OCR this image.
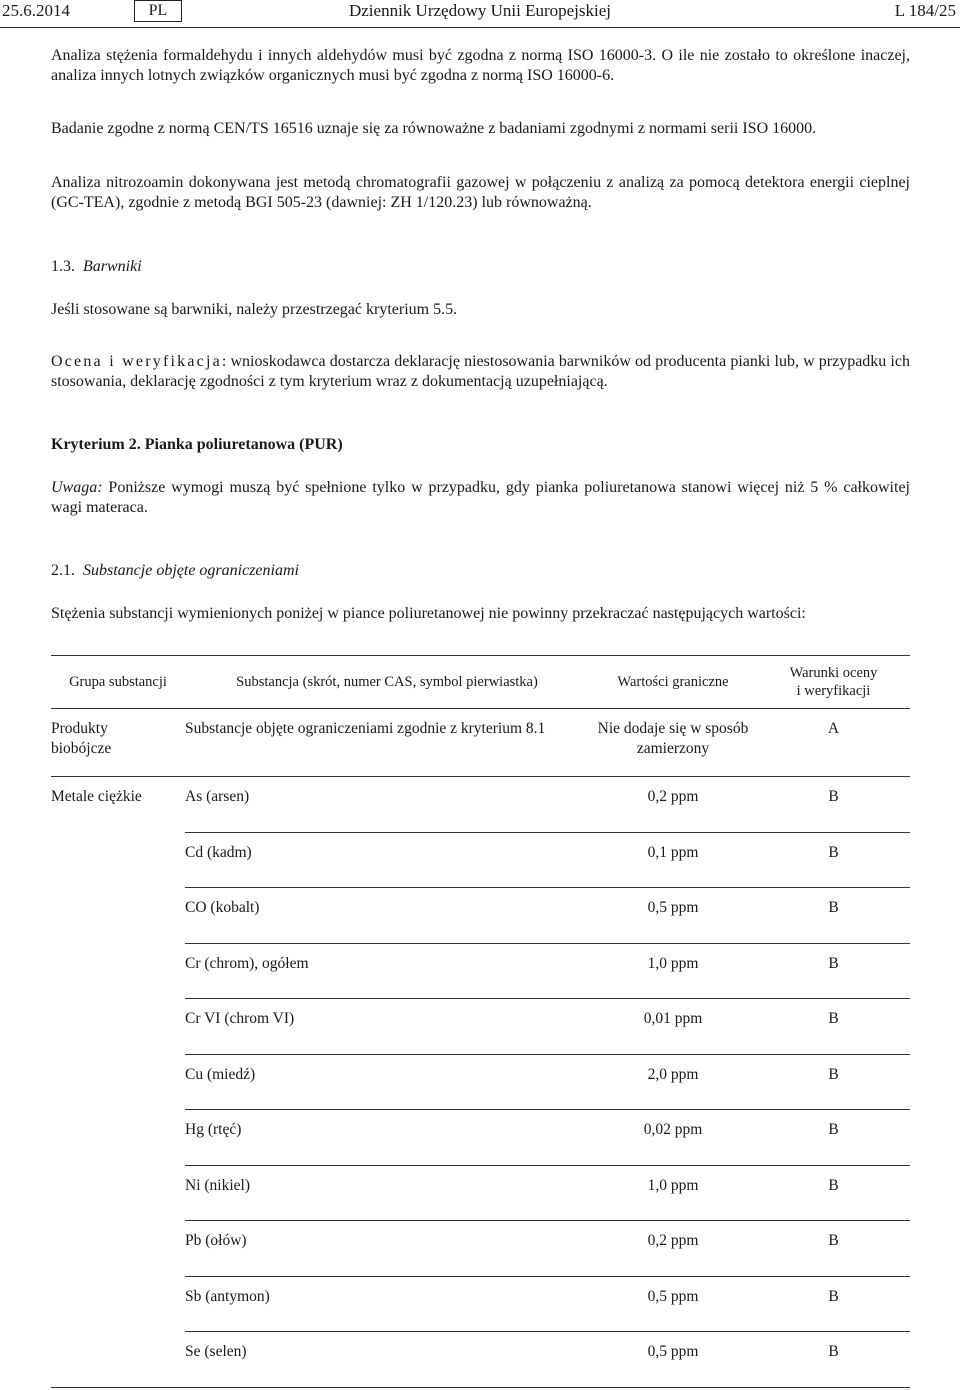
25.6.2014	Dziennik Urzędowy Unii Europejskiej
PL	L 184/25
Analiza stężenia formaldehydu i innych aldehydów musi być zgodna z normą ISO 16000-3. O ile nie zostało to określone inaczej, analiza innych lotnych związków organicznych musi być zgodna z normą ISO 16000-6.
Badanie zgodne z normą CEN/TS 16516 uznaje się za równoważne z badaniami zgodnymi z normami serii ISO 16000.
Analiza nitrozoamin dokonywana jest metodą chromatografii gazowej w połączeniu z analizą za pomocą detektora energii cieplnej (GC-TEA), zgodnie z metodą BGI 505-23 (dawniej: ZH 1/120.23) lub równoważną.
1.3. Barwniki
Jeśli stosowane są barwniki, należy przestrzegać kryterium 5.5.
Ocena i weryfikacja: wnioskodawca dostarcza deklarację niestosowania barwników od producenta pianki lub, w przypadku ich stosowania, deklarację zgodności z tym kryterium wraz z dokumentacją uzupełniającą.
Kryterium 2. Pianka poliuretanowa (PUR)
Uwaga: Poniższe wymogi muszą być spełnione tylko w przypadku, gdy pianka poliuretanowa stanowi więcej niż 5 % całkowitej wagi materaca.
2.1. Substancje objęte ograniczeniami
Stężenia substancji wymienionych poniżej w piance poliuretanowej nie powinny przekraczać następujących wartości:
Grupa substancji	Substancja (skrót, numer CAS, symbol pierwiastka)	Wartości graniczne	Warunki oceny
i weryfikacji

Produkty biobójcze	Substancje objęte ograniczeniami zgodnie z kryterium 8.1	Nie dodaje się w sposób zamierzony	A
Metale ciężkie	As (arsen)	0,2 ppm	B
	Cd (kadm)	0,1 ppm	B
	CO (kobalt)	0,5 ppm	B
	Cr (chrom), ogółem	1,0 ppm	B
	Cr VI (chrom VI)	0,01 ppm	B
	Cu (miedź)	2,0 ppm	B
	Hg (rtęć)	0,02 ppm	B
	Ni (nikiel)	1,0 ppm	B
	Pb (ołów)	0,2 ppm	B
	Sb (antymon)	0,5 ppm	B
	Se (selen)	0,5 ppm	B
